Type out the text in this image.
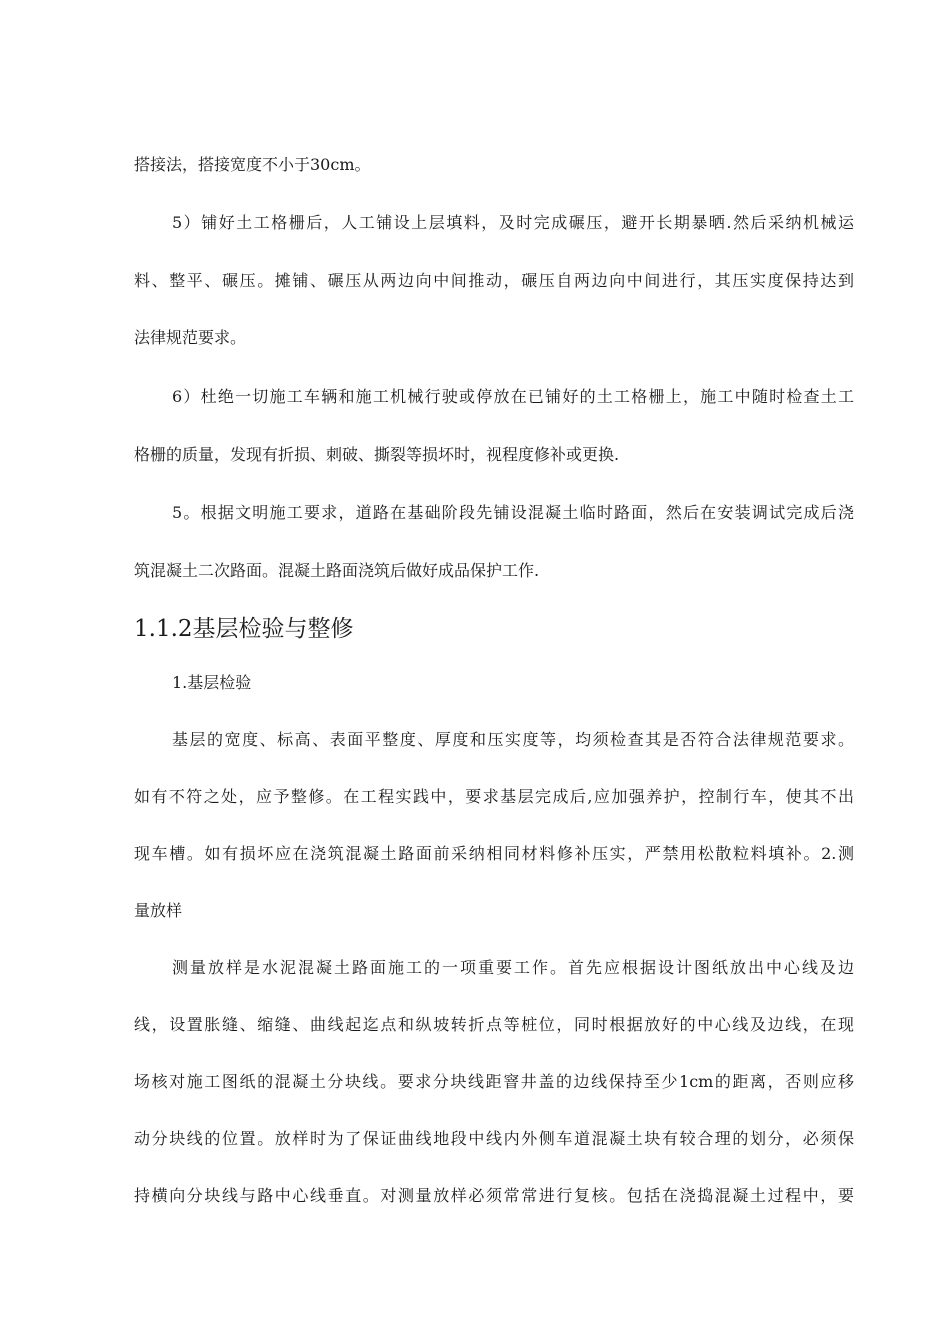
搭接法，搭接宽度不小于30cm。
5）铺好土工格栅后，人工铺设上层填料，及时完成碾压，避开长期暴晒.然后采纳机械运
料、整平、碾压。摊铺、碾压从两边向中间推动，碾压自两边向中间进行，其压实度保持达到
法律规范要求。
6）杜绝一切施工车辆和施工机械行驶或停放在已铺好的土工格栅上，施工中随时检查土工
格栅的质量，发现有折损、刺破、撕裂等损坏时，视程度修补或更换.
5。根据文明施工要求，道路在基础阶段先铺设混凝土临时路面，然后在安装调试完成后浇
筑混凝土二次路面。混凝土路面浇筑后做好成品保护工作.
1.1.2基层检验与整修
1.基层检验
基层的宽度、标高、表面平整度、厚度和压实度等，均须检查其是否符合法律规范要求。
如有不符之处，应予整修。在工程实践中，要求基层完成后,应加强养护，控制行车，使其不出
现车槽。如有损坏应在浇筑混凝土路面前采纳相同材料修补压实，严禁用松散粒料填补。2.测
量放样
测量放样是水泥混凝土路面施工的一项重要工作。首先应根据设计图纸放出中心线及边
线，设置胀缝、缩缝、曲线起迄点和纵坡转折点等桩位，同时根据放好的中心线及边线，在现
场核对施工图纸的混凝土分块线。要求分块线距窨井盖的边线保持至少1cm的距离，否则应移
动分块线的位置。放样时为了保证曲线地段中线内外侧车道混凝土块有较合理的划分，必须保
持横向分块线与路中心线垂直。对测量放样必须常常进行复核。包括在浇捣混凝土过程中，要
